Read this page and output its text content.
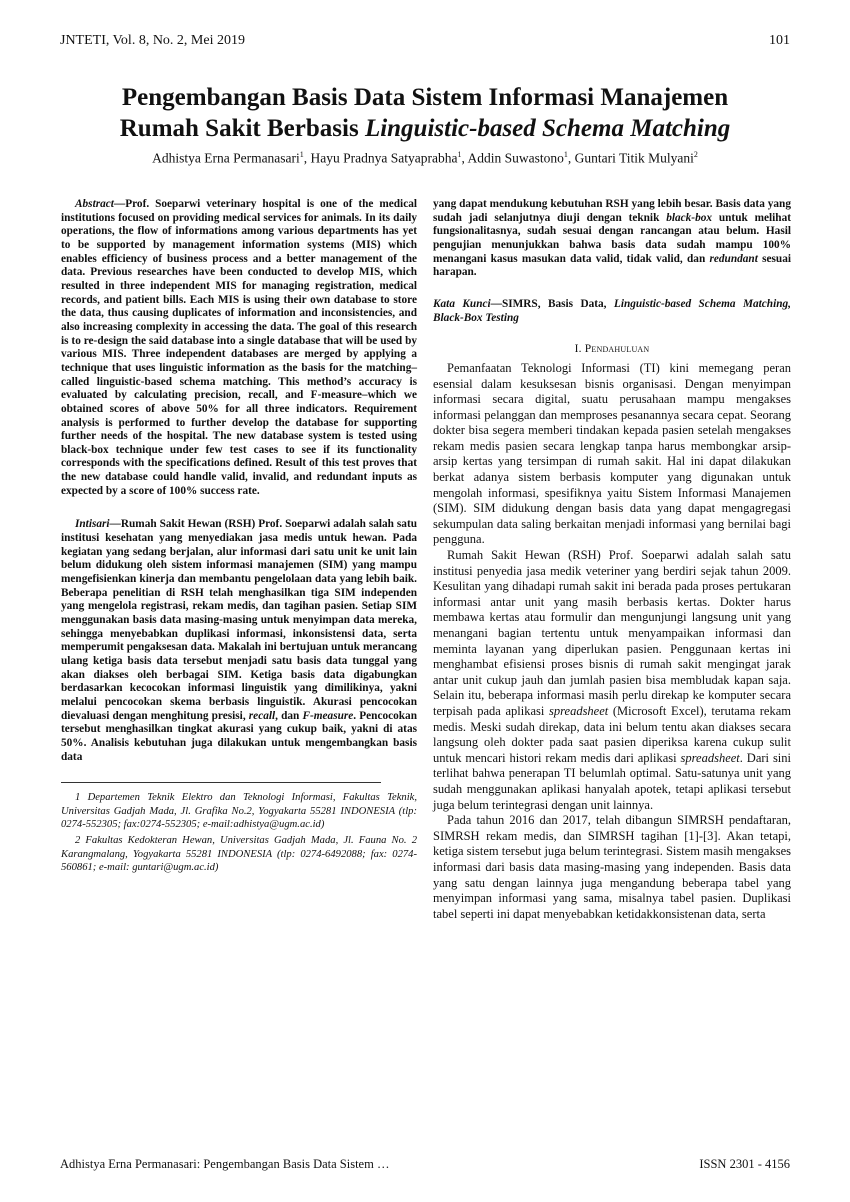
JNTETI, Vol. 8, No. 2, Mei 2019	101
Pengembangan Basis Data Sistem Informasi Manajemen
Rumah Sakit Berbasis Linguistic-based Schema Matching
Adhistya Erna Permanasari$^1$, Hayu Pradnya Satyaprabha$^1$, Addin Suwastono$^1$, Guntari Titik Mulyani$^2$

Abstract—Prof. Soeparwi veterinary hospital is one of the medical institutions focused on providing medical services for animals. In its daily operations, the flow of informations among various departments has yet to be supported by management information systems (MIS) which enables efficiency of business process and a better management of the data. Previous researches have been conducted to develop MIS, which resulted in three independent MIS for managing registration, medical records, and patient bills. Each MIS is using their own database to store the data, thus causing duplicates of information and inconsistencies, and also increasing complexity in accessing the data. The goal of this research is to re-design the said database into a single database that will be used by various MIS. Three independent databases are merged by applying a technique that uses linguistic information as the basis for the matching–called linguistic-based schema matching. This method’s accuracy is evaluated by calculating precision, recall, and F-measure–which we obtained scores of above 50% for all three indicators. Requirement analysis is performed to further develop the database for supporting further needs of the hospital. The new database system is tested using black-box technique under few test cases to see if its functionality corresponds with the specifications defined. Result of this test proves that the new database could handle valid, invalid, and redundant inputs as expected by a score of 100% success rate.

Intisari—Rumah Sakit Hewan (RSH) Prof. Soeparwi adalah salah satu institusi kesehatan yang menyediakan jasa medis untuk hewan. Pada kegiatan yang sedang berjalan, alur informasi dari satu unit ke unit lain belum didukung oleh sistem informasi manajemen (SIM) yang mampu mengefisienkan kinerja dan membantu pengelolaan data yang lebih baik. Beberapa penelitian di RSH telah menghasilkan tiga SIM independen yang mengelola registrasi, rekam medis, dan tagihan pasien. Setiap SIM menggunakan basis data masing-masing untuk menyimpan data mereka, sehingga menyebabkan duplikasi informasi, inkonsistensi data, serta memperumit pengaksesan data. Makalah ini bertujuan untuk merancang ulang ketiga basis data tersebut menjadi satu basis data tunggal yang akan diakses oleh berbagai SIM. Ketiga basis data digabungkan berdasarkan kecocokan informasi linguistik yang dimilikinya, yakni melalui pencocokan skema berbasis linguistik. Akurasi pencocokan dievaluasi dengan menghitung presisi, recall, dan F-measure. Pencocokan tersebut menghasilkan tingkat akurasi yang cukup baik, yakni di atas 50%. Analisis kebutuhan juga dilakukan untuk mengembangkan basis data

1 Departemen Teknik Elektro dan Teknologi Informasi, Fakultas Teknik, Universitas Gadjah Mada, Jl. Grafika No.2, Yogyakarta 55281 INDONESIA (tlp: 0274-552305; fax:0274-552305; e-mail:adhistya@ugm.ac.id)

2 Fakultas Kedokteran Hewan, Universitas Gadjah Mada, Jl. Fauna No. 2 Karangmalang, Yogyakarta 55281 INDONESIA (tlp: 0274-6492088; fax: 0274-560861; e-mail: guntari@ugm.ac.id)

yang dapat mendukung kebutuhan RSH yang lebih besar. Basis data yang sudah jadi selanjutnya diuji dengan teknik black-box untuk melihat fungsionalitasnya, sudah sesuai dengan rancangan atau belum. Hasil pengujian menunjukkan bahwa basis data sudah mampu 100% menangani kasus masukan data valid, tidak valid, dan redundant sesuai harapan.

Kata Kunci—SIMRS, Basis Data, Linguistic-based Schema Matching, Black-Box Testing

I. Pendahuluan

Pemanfaatan Teknologi Informasi (TI) kini memegang peran esensial dalam kesuksesan bisnis organisasi. Dengan menyimpan informasi secara digital, suatu perusahaan mampu mengakses informasi pelanggan dan memproses pesanannya secara cepat. Seorang dokter bisa segera memberi tindakan kepada pasien setelah mengakses rekam medis pasien secara lengkap tanpa harus membongkar arsip-arsip kertas yang tersimpan di rumah sakit. Hal ini dapat dilakukan berkat adanya sistem berbasis komputer yang digunakan untuk mengolah informasi, spesifiknya yaitu Sistem Informasi Manajemen (SIM). SIM didukung dengan basis data yang dapat mengagregasi sekumpulan data saling berkaitan menjadi informasi yang bernilai bagi pengguna.

Rumah Sakit Hewan (RSH) Prof. Soeparwi adalah salah satu institusi penyedia jasa medik veteriner yang berdiri sejak tahun 2009. Kesulitan yang dihadapi rumah sakit ini berada pada proses pertukaran informasi antar unit yang masih berbasis kertas. Dokter harus membawa kertas atau formulir dan mengunjungi langsung unit yang menangani bagian tertentu untuk menyampaikan informasi dan meminta layanan yang diperlukan pasien. Penggunaan kertas ini menghambat efisiensi proses bisnis di rumah sakit mengingat jarak antar unit cukup jauh dan jumlah pasien bisa membludak kapan saja. Selain itu, beberapa informasi masih perlu direkap ke komputer secara terpisah pada aplikasi spreadsheet (Microsoft Excel), terutama rekam medis. Meski sudah direkap, data ini belum tentu akan diakses secara langsung oleh dokter pada saat pasien diperiksa karena cukup sulit untuk mencari histori rekam medis dari aplikasi spreadsheet. Dari sini terlihat bahwa penerapan TI belumlah optimal. Satu-satunya unit yang sudah menggunakan aplikasi hanyalah apotek, tetapi aplikasi tersebut juga belum terintegrasi dengan unit lainnya.

Pada tahun 2016 dan 2017, telah dibangun SIMRSH pendaftaran, SIMRSH rekam medis, dan SIMRSH tagihan [1]-[3]. Akan tetapi, ketiga sistem tersebut juga belum terintegrasi. Sistem masih mengakses informasi dari basis data masing-masing yang independen. Basis data yang satu dengan lainnya juga mengandung beberapa tabel yang menyimpan informasi yang sama, misalnya tabel pasien. Duplikasi tabel seperti ini dapat menyebabkan ketidakkonsistenan data, serta

Adhistya Erna Permanasari: Pengembangan Basis Data Sistem …	ISSN 2301 - 4156
